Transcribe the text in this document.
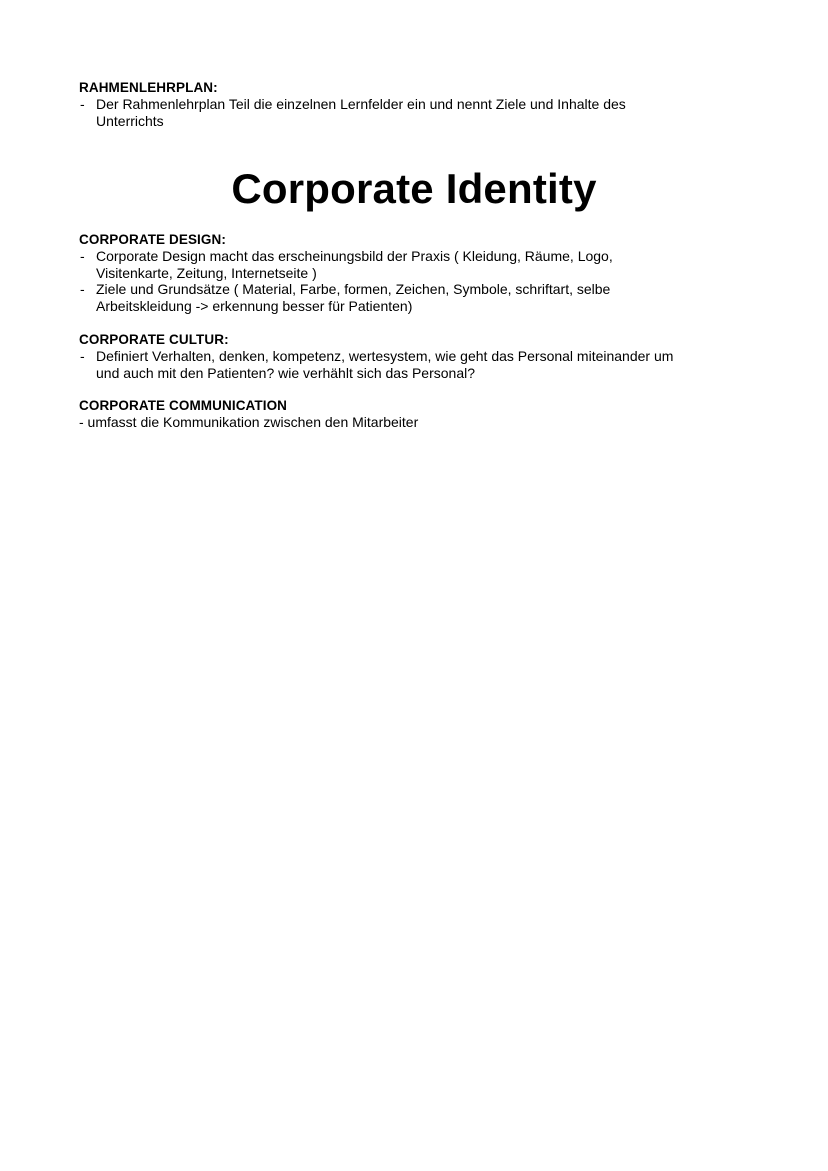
RAHMENLEHRPLAN:

- Der Rahmenlehrplan Teil die einzelnen Lernfelder ein und nennt Ziele und Inhalte des
Unterrichts
Corporate Identity

CORPORATE DESIGN:

- Corporate Design macht das erscheinungsbild der Praxis ( Kleidung, Räume, Logo,
Visitenkarte, Zeitung, Internetseite )
- Ziele und Grundsätze ( Material, Farbe, formen, Zeichen, Symbole, schriftart, selbe
Arbeitskleidung -> erkennung besser für Patienten)

CORPORATE CULTUR:

- Definiert Verhalten, denken, kompetenz, wertesystem, wie geht das Personal miteinander um
und auch mit den Patienten? wie verhählt sich das Personal?

CORPORATE COMMUNICATION

- umfasst die Kommunikation zwischen den Mitarbeiter
